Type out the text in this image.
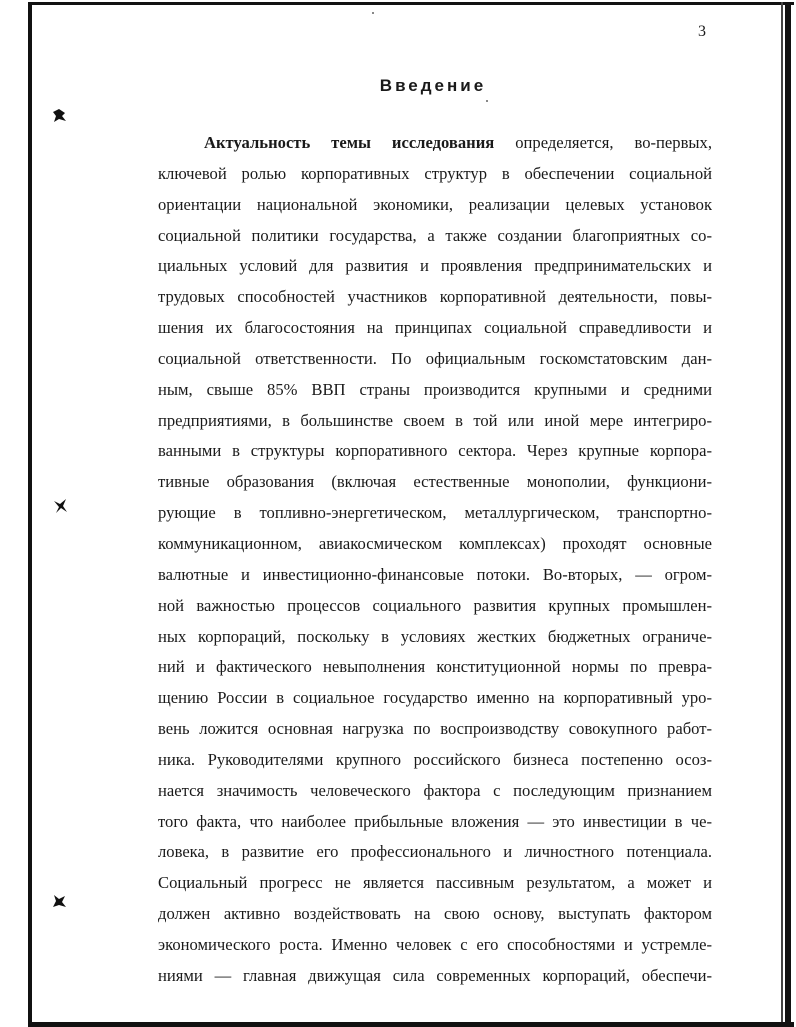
3
Введение
Актуальность темы исследования определяется, во-первых,
ключевой ролью корпоративных структур в обеспечении социальной
ориентации национальной экономики, реализации целевых установок
социальной политики государства, а также создании благоприятных со-
циальных условий для развития и проявления предпринимательских и
трудовых способностей участников корпоративной деятельности, повы-
шения их благосостояния на принципах социальной справедливости и
социальной ответственности. По официальным госкомстатовским дан-
ным, свыше 85% ВВП страны производится крупными и средними
предприятиями, в большинстве своем в той или иной мере интегриро-
ванными в структуры корпоративного сектора. Через крупные корпора-
тивные образования (включая естественные монополии, функциони-
рующие в топливно-энергетическом, металлургическом, транспортно-
коммуникационном, авиакосмическом комплексах) проходят основные
валютные и инвестиционно-финансовые потоки. Во-вторых, — огром-
ной важностью процессов социального развития крупных промышлен-
ных корпораций, поскольку в условиях жестких бюджетных ограниче-
ний и фактического невыполнения конституционной нормы по превра-
щению России в социальное государство именно на корпоративный уро-
вень ложится основная нагрузка по воспроизводству совокупного работ-
ника. Руководителями крупного российского бизнеса постепенно осоз-
нается значимость человеческого фактора с последующим признанием
того факта, что наиболее прибыльные вложения — это инвестиции в че-
ловека, в развитие его профессионального и личностного потенциала.
Социальный прогресс не является пассивным результатом, а может и
должен активно воздействовать на свою основу, выступать фактором
экономического роста. Именно человек с его способностями и устремле-
ниями — главная движущая сила современных корпораций, обеспечи-
